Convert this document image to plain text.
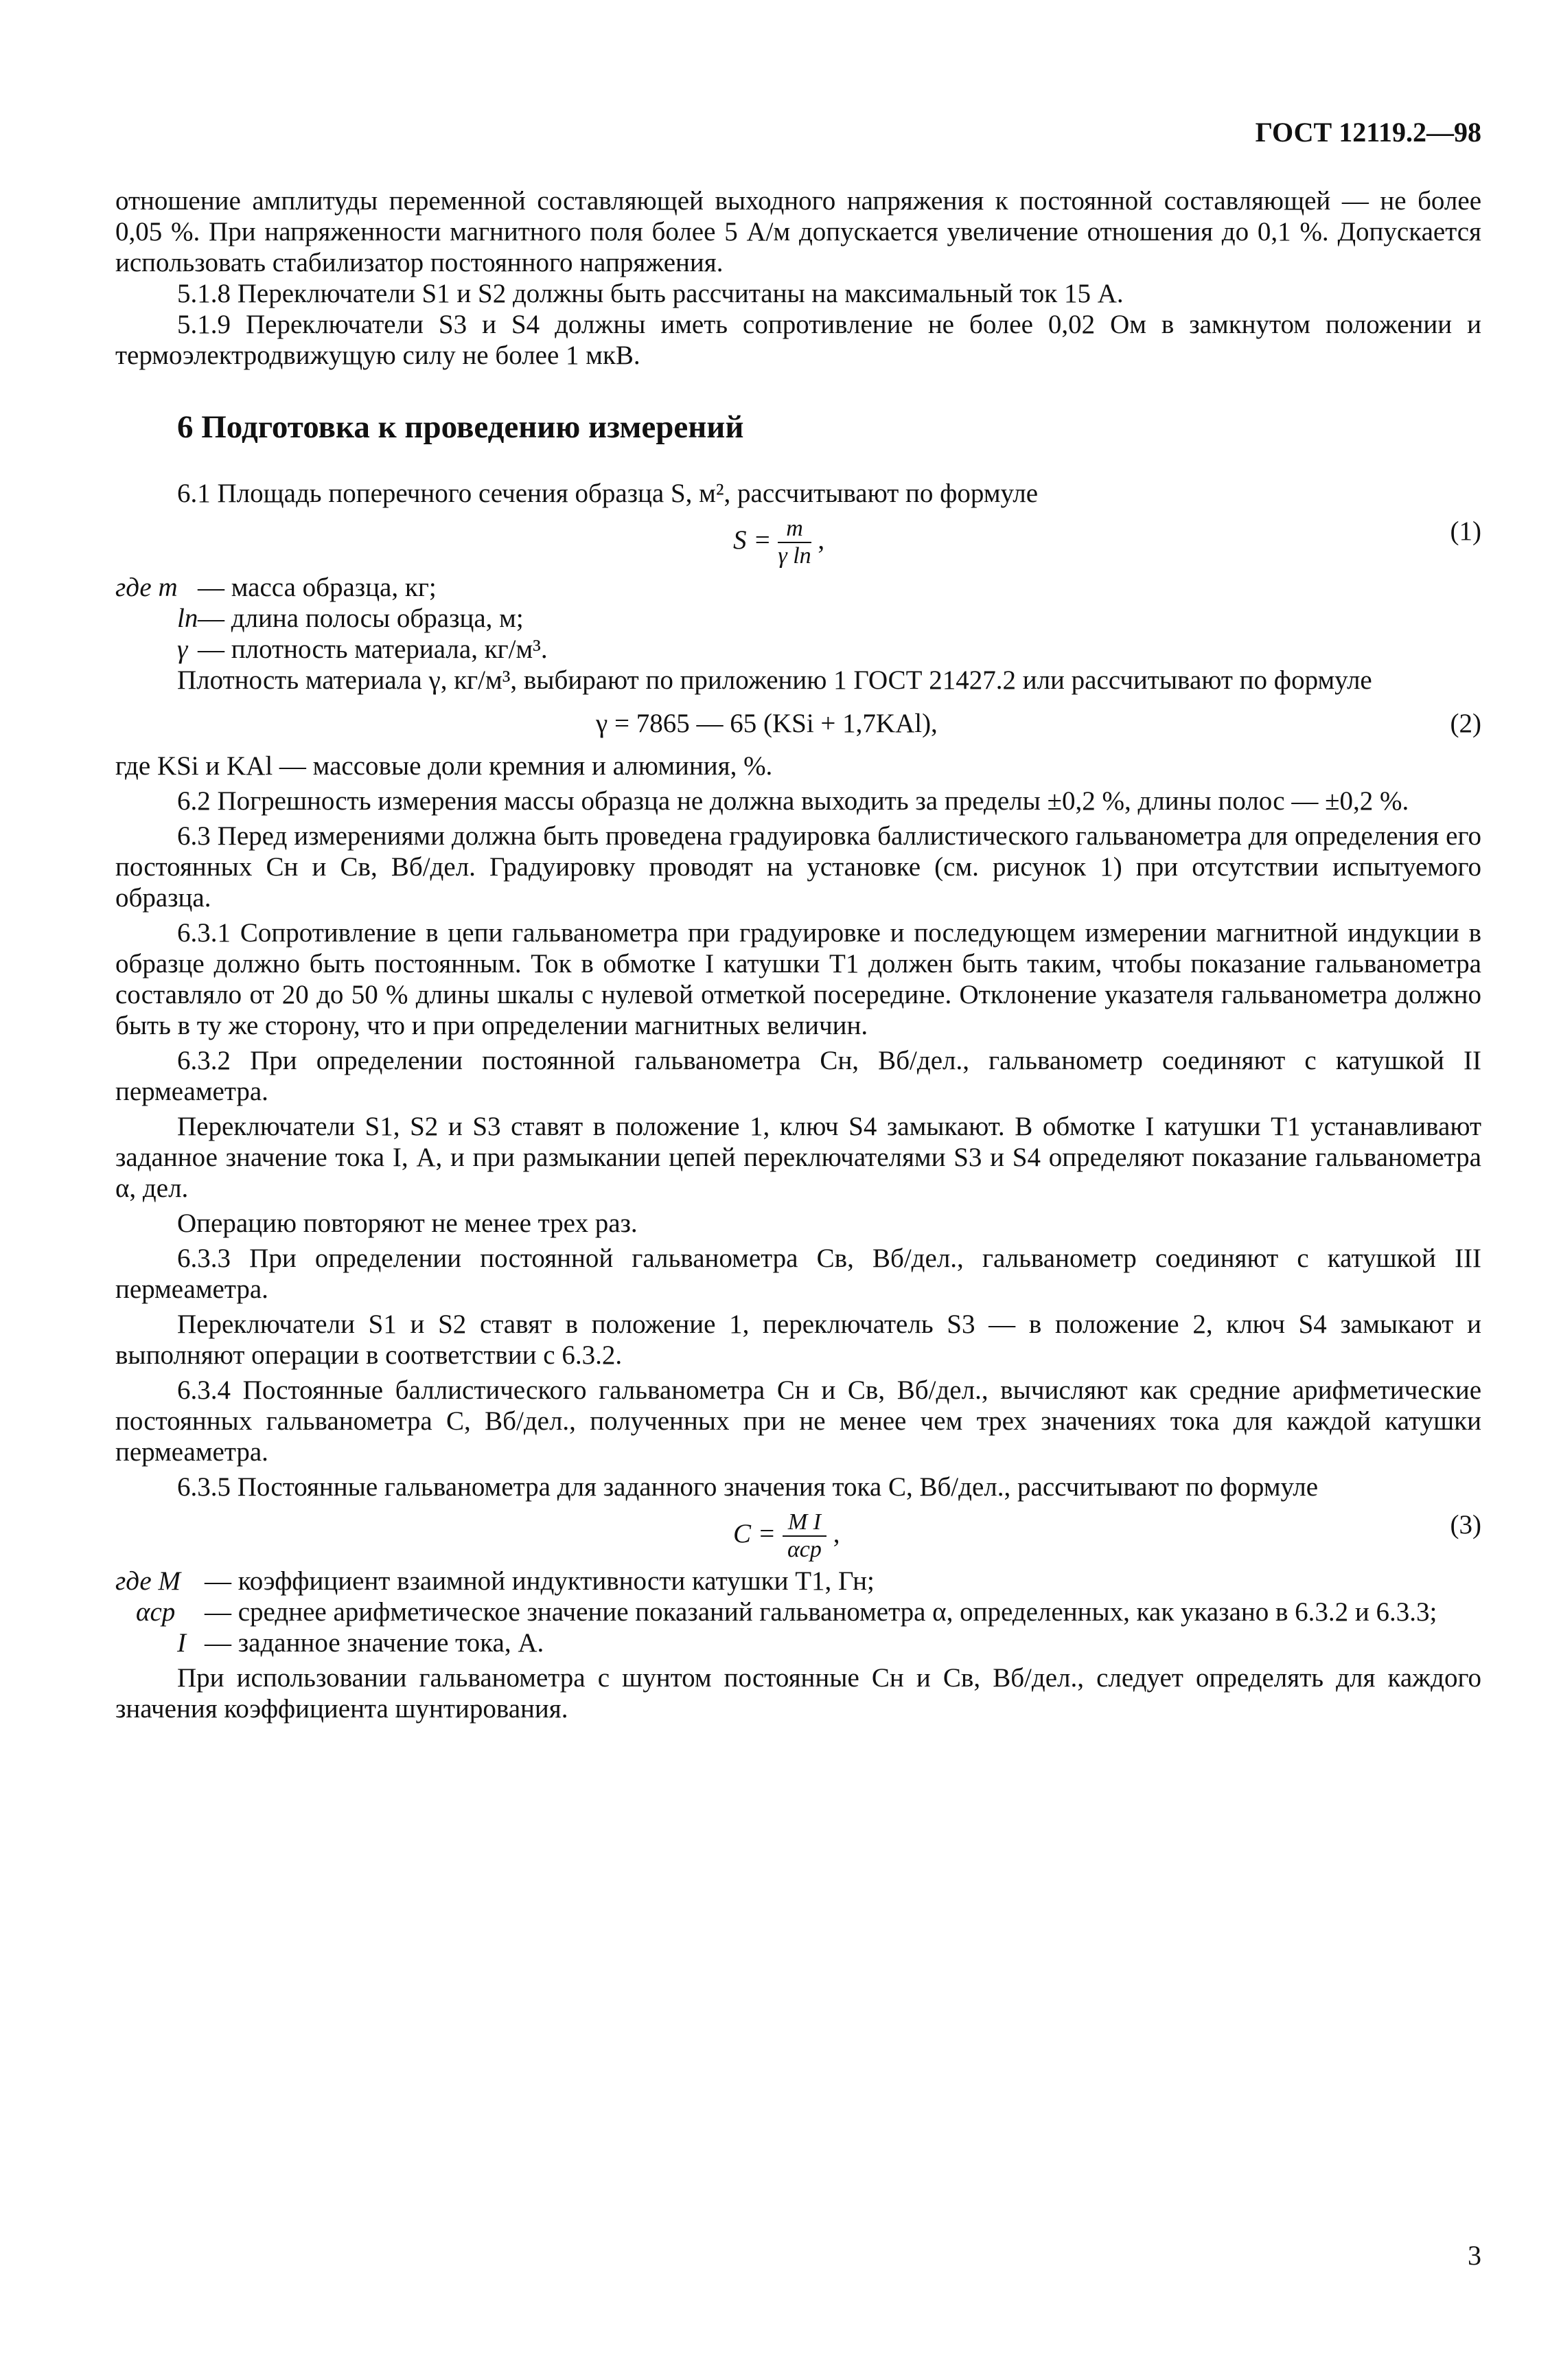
ГОСТ 12119.2—98

отношение амплитуды переменной составляющей выходного напряжения к постоянной составляющей — не более 0,05 %. При напряженности магнитного поля более 5 А/м допускается увеличение отношения до 0,1 %. Допускается использовать стабилизатор постоянного напряжения.

5.1.8 Переключатели S1 и S2 должны быть рассчитаны на максимальный ток 15 А.

5.1.9 Переключатели S3 и S4 должны иметь сопротивление не более 0,02 Ом в замкнутом положении и термоэлектродвижущую силу не более 1 мкВ.

6 Подготовка к проведению измерений

6.1 Площадь поперечного сечения образца S, м², рассчитывают по формуле

$S = \frac{m}{\text{γ lп}}$ ,	(1)
где m — масса образца, кг;
lп — длина полосы образца, м;
γ — плотность материала, кг/м³.

Плотность материала γ, кг/м³, выбирают по приложению 1 ГОСТ 21427.2 или рассчитывают по формуле

γ = 7865 — 65 (KSi + 1,7KAl),	(2)

где KSi и KAl — массовые доли кремния и алюминия, %.

6.2 Погрешность измерения массы образца не должна выходить за пределы ±0,2 %, длины полос — ±0,2 %.

6.3 Перед измерениями должна быть проведена градуировка баллистического гальванометра для определения его постоянных Cн и Cв, Вб/дел. Градуировку проводят на установке (см. рисунок 1) при отсутствии испытуемого образца.

6.3.1 Сопротивление в цепи гальванометра при градуировке и последующем измерении магнитной индукции в образце должно быть постоянным. Ток в обмотке I катушки T1 должен быть таким, чтобы показание гальванометра составляло от 20 до 50 % длины шкалы с нулевой отметкой посередине. Отклонение указателя гальванометра должно быть в ту же сторону, что и при определении магнитных величин.

6.3.2 При определении постоянной гальванометра Cн, Вб/дел., гальванометр соединяют с катушкой II пермеаметра.

Переключатели S1, S2 и S3 ставят в положение 1, ключ S4 замыкают. В обмотке I катушки T1 устанавливают заданное значение тока I, А, и при размыкании цепей переключателями S3 и S4 определяют показание гальванометра α, дел.

Операцию повторяют не менее трех раз.

6.3.3 При определении постоянной гальванометра Cв, Вб/дел., гальванометр соединяют с катушкой III пермеаметра.

Переключатели S1 и S2 ставят в положение 1, переключатель S3 — в положение 2, ключ S4 замыкают и выполняют операции в соответствии с 6.3.2.

6.3.4 Постоянные баллистического гальванометра Cн и Cв, Вб/дел., вычисляют как средние арифметические постоянных гальванометра C, Вб/дел., полученных при не менее чем трех значениях тока для каждой катушки пермеаметра.

6.3.5 Постоянные гальванометра для заданного значения тока C, Вб/дел., рассчитывают по формуле

$C = \frac{\text{M I}}{\text{αср}}$ ,	(3)
где M — коэффициент взаимной индуктивности катушки T1, Гн;
αср	— среднее арифметическое значение показаний гальванометра α, определенных, как указано в 6.3.2 и 6.3.3;
I — заданное значение тока, А.

При использовании гальванометра с шунтом постоянные Cн и Cв, Вб/дел., следует определять для каждого значения коэффициента шунтирования.

3
